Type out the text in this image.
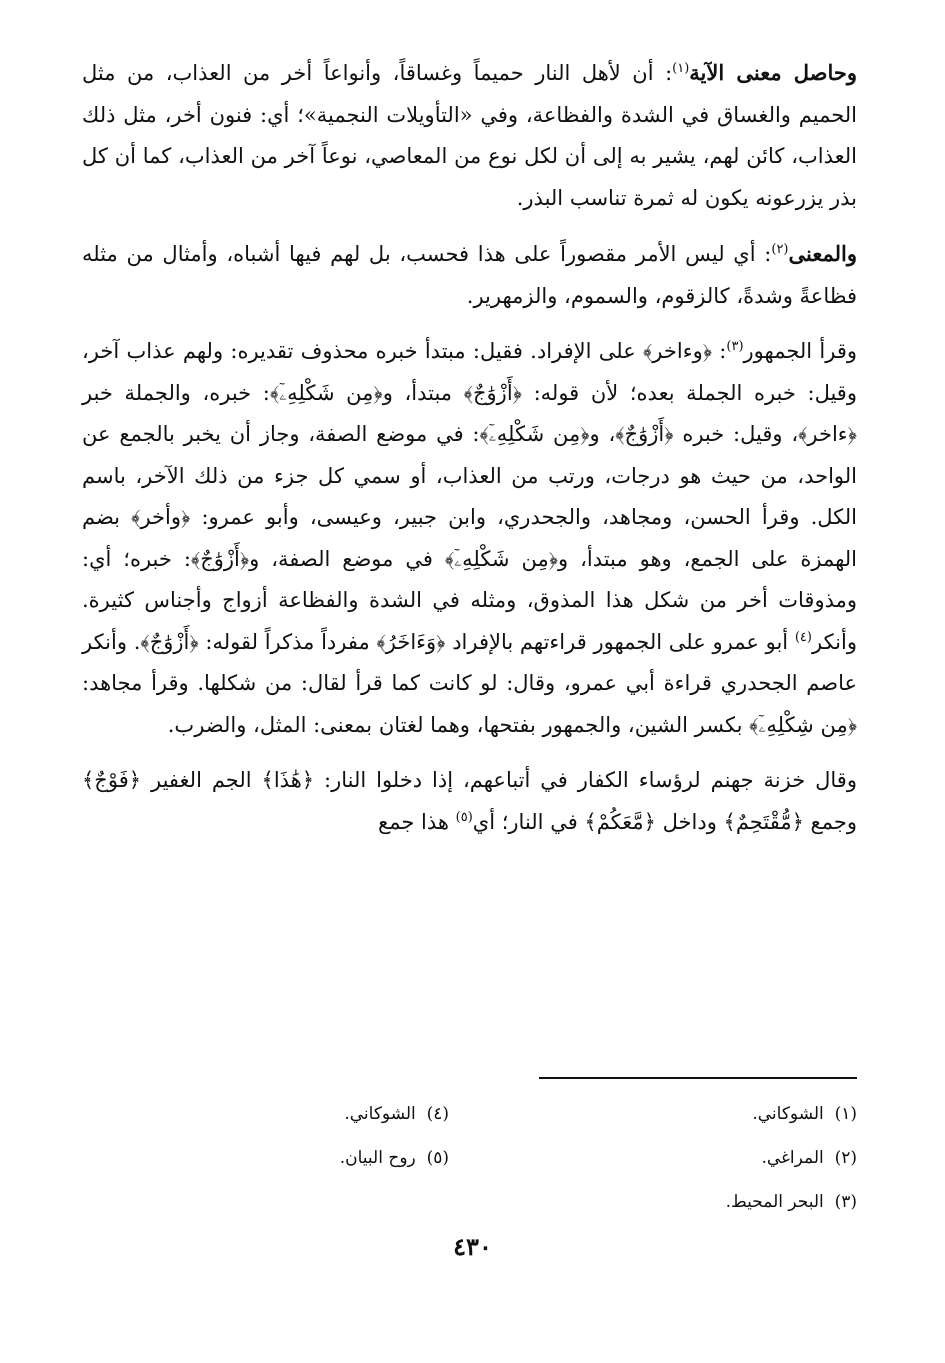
وحاصل معنى الآية$^{(١)}$: أن لأهل النار حميماً وغساقاً، وأنواعاً أخر من العذاب، من مثل الحميم والغساق في الشدة والفظاعة، وفي «التأويلات النجمية»؛ أي: فنون أخر، مثل ذلك العذاب، كائن لهم، يشير به إلى أن لكل نوع من المعاصي، نوعاً آخر من العذاب، كما أن كل بذر يزرعونه يكون له ثمرة تناسب البذر.

والمعنى$^{(٢)}$: أي ليس الأمر مقصوراً على هذا فحسب، بل لهم فيها أشباه، وأمثال من مثله فظاعةً وشدةً، كالزقوم، والسموم، والزمهرير.

وقرأ الجمهور$^{(٣)}$: ﴿وءاخر﴾ على الإفراد. فقيل: مبتدأ خبره محذوف تقديره: ولهم عذاب آخر، وقيل: خبره الجملة بعده؛ لأن قوله: ﴿أَزْوَٰجٌ﴾ مبتدأ، و﴿مِن شَكْلِهِۦٓ﴾: خبره، والجملة خبر ﴿ءاخر﴾، وقيل: خبره ﴿أَزْوَٰجٌ﴾، و﴿مِن شَكْلِهِۦٓ﴾: في موضع الصفة، وجاز أن يخبر بالجمع عن الواحد، من حيث هو درجات، ورتب من العذاب، أو سمي كل جزء من ذلك الآخر، باسم الكل. وقرأ الحسن، ومجاهد، والجحدري، وابن جبير، وعيسى، وأبو عمرو: ﴿وأخر﴾ بضم الهمزة على الجمع، وهو مبتدأ، و﴿مِن شَكْلِهِۦٓ﴾ في موضع الصفة، و﴿أَزْوَٰجٌ﴾: خبره؛ أي: ومذوقات أخر من شكل هذا المذوق، ومثله في الشدة والفظاعة أزواج وأجناس كثيرة. وأنكر$^{(٤)}$ أبو عمرو على الجمهور قراءتهم بالإفراد ﴿وَءَاخَرُ﴾ مفرداً مذكراً لقوله: ﴿أَزْوَٰجٌ﴾. وأنكر عاصم الجحدري قراءة أبي عمرو، وقال: لو كانت كما قرأ لقال: من شكلها. وقرأ مجاهد: ﴿مِن شِكْلِهِۦٓ﴾ بكسر الشين، والجمهور بفتحها، وهما لغتان بمعنى: المثل، والضرب.

وقال خزنة جهنم لرؤساء الكفار في أتباعهم، إذا دخلوا النار: ﴿هَٰذَا﴾ الجم الغفير ﴿فَوْجٌ﴾ وجمع ﴿مُّقْتَحِمٌ﴾ وداخل ﴿مَّعَكُمْ﴾ في النار؛ أي$^{(٥)}$ هذا جمع

(١)  الشوكاني.
(٢)  المراغي.
(٣)  البحر المحيط.
(٤)  الشوكاني.
(٥)  روح البيان.
٤٣٠
